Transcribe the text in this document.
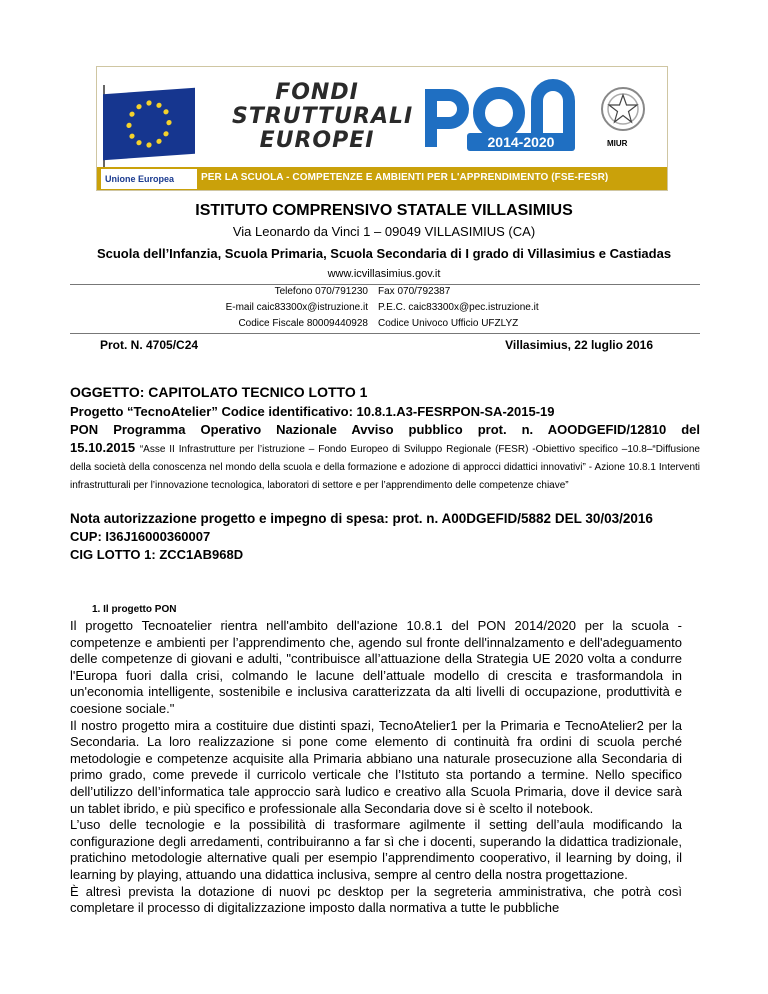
FONDI
STRUTTURALI
EUROPEI	2014-2020	MIUR
Unione Europea	PER LA SCUOLA - COMPETENZE E AMBIENTI PER L'APPRENDIMENTO (FSE-FESR)
ISTITUTO COMPRENSIVO STATALE VILLASIMIUS
Via Leonardo da Vinci 1 – 09049 VILLASIMIUS (CA)
Scuola dell’Infanzia, Scuola Primaria, Scuola Secondaria di I grado di Villasimius e Castiadas
www.icvillasimius.gov.it
Telefono 070/791230 Fax 070/792387
E-mail caic83300x@istruzione.it P.E.C. caic83300x@pec.istruzione.it
Codice Fiscale 80009440928 Codice Univoco Ufficio UFZLYZ
Prot. N. 4705/C24	Villasimius, 22 luglio 2016
OGGETTO: CAPITOLATO TECNICO LOTTO 1
Progetto “TecnoAtelier” Codice identificativo: 10.8.1.A3-FESRPON-SA-2015-19
PON Programma Operativo Nazionale Avviso pubblico prot. n. AOODGEFID/12810 del
15.10.2015 “Asse II Infrastrutture per l’istruzione – Fondo Europeo di Sviluppo Regionale (FESR) -Obiettivo specifico –10.8–“Diffusione della società della conoscenza nel mondo della scuola e della formazione e adozione di approcci didattici innovativi” - Azione 10.8.1 Interventi infrastrutturali per l’innovazione tecnologica, laboratori di settore e per l’apprendimento delle competenze chiave”
Nota autorizzazione progetto e impegno di spesa: prot. n. A00DGEFID/5882 DEL 30/03/2016
CUP: I36J16000360007
CIG LOTTO 1: ZCC1AB968D
1. Il progetto PON

Il progetto Tecnoatelier rientra nell'ambito dell'azione 10.8.1 del PON 2014/2020 per la scuola - competenze e ambienti per l’apprendimento che, agendo sul fronte dell'innalzamento e dell'adeguamento delle competenze di giovani e adulti, "contribuisce all’attuazione della Strategia UE 2020 volta a condurre l'Europa fuori dalla crisi, colmando le lacune dell’attuale modello di crescita e trasformandola in un'economia intelligente, sostenibile e inclusiva caratterizzata da alti livelli di occupazione, produttività e coesione sociale."

Il nostro progetto mira a costituire due distinti spazi, TecnoAtelier1 per la Primaria e TecnoAtelier2 per la Secondaria. La loro realizzazione si pone come elemento di continuità fra ordini di scuola perché metodologie e competenze acquisite alla Primaria abbiano una naturale prosecuzione alla Secondaria di primo grado, come prevede il curricolo verticale che l’Istituto sta portando a termine. Nello specifico dell’utilizzo dell’informatica tale approccio sarà ludico e creativo alla Scuola Primaria, dove il device sarà un tablet ibrido, e più specifico e professionale alla Secondaria dove si è scelto il notebook.

L’uso delle tecnologie e la possibilità di trasformare agilmente il setting dell’aula modificando la configurazione degli arredamenti, contribuiranno a far sì che i docenti, superando la didattica tradizionale, pratichino metodologie alternative quali per esempio l’apprendimento cooperativo, il learning by doing, il learning by playing, attuando una didattica inclusiva, sempre al centro della nostra progettazione.

È altresì prevista la dotazione di nuovi pc desktop per la segreteria amministrativa, che potrà così completare il processo di digitalizzazione imposto dalla normativa a tutte le pubbliche
